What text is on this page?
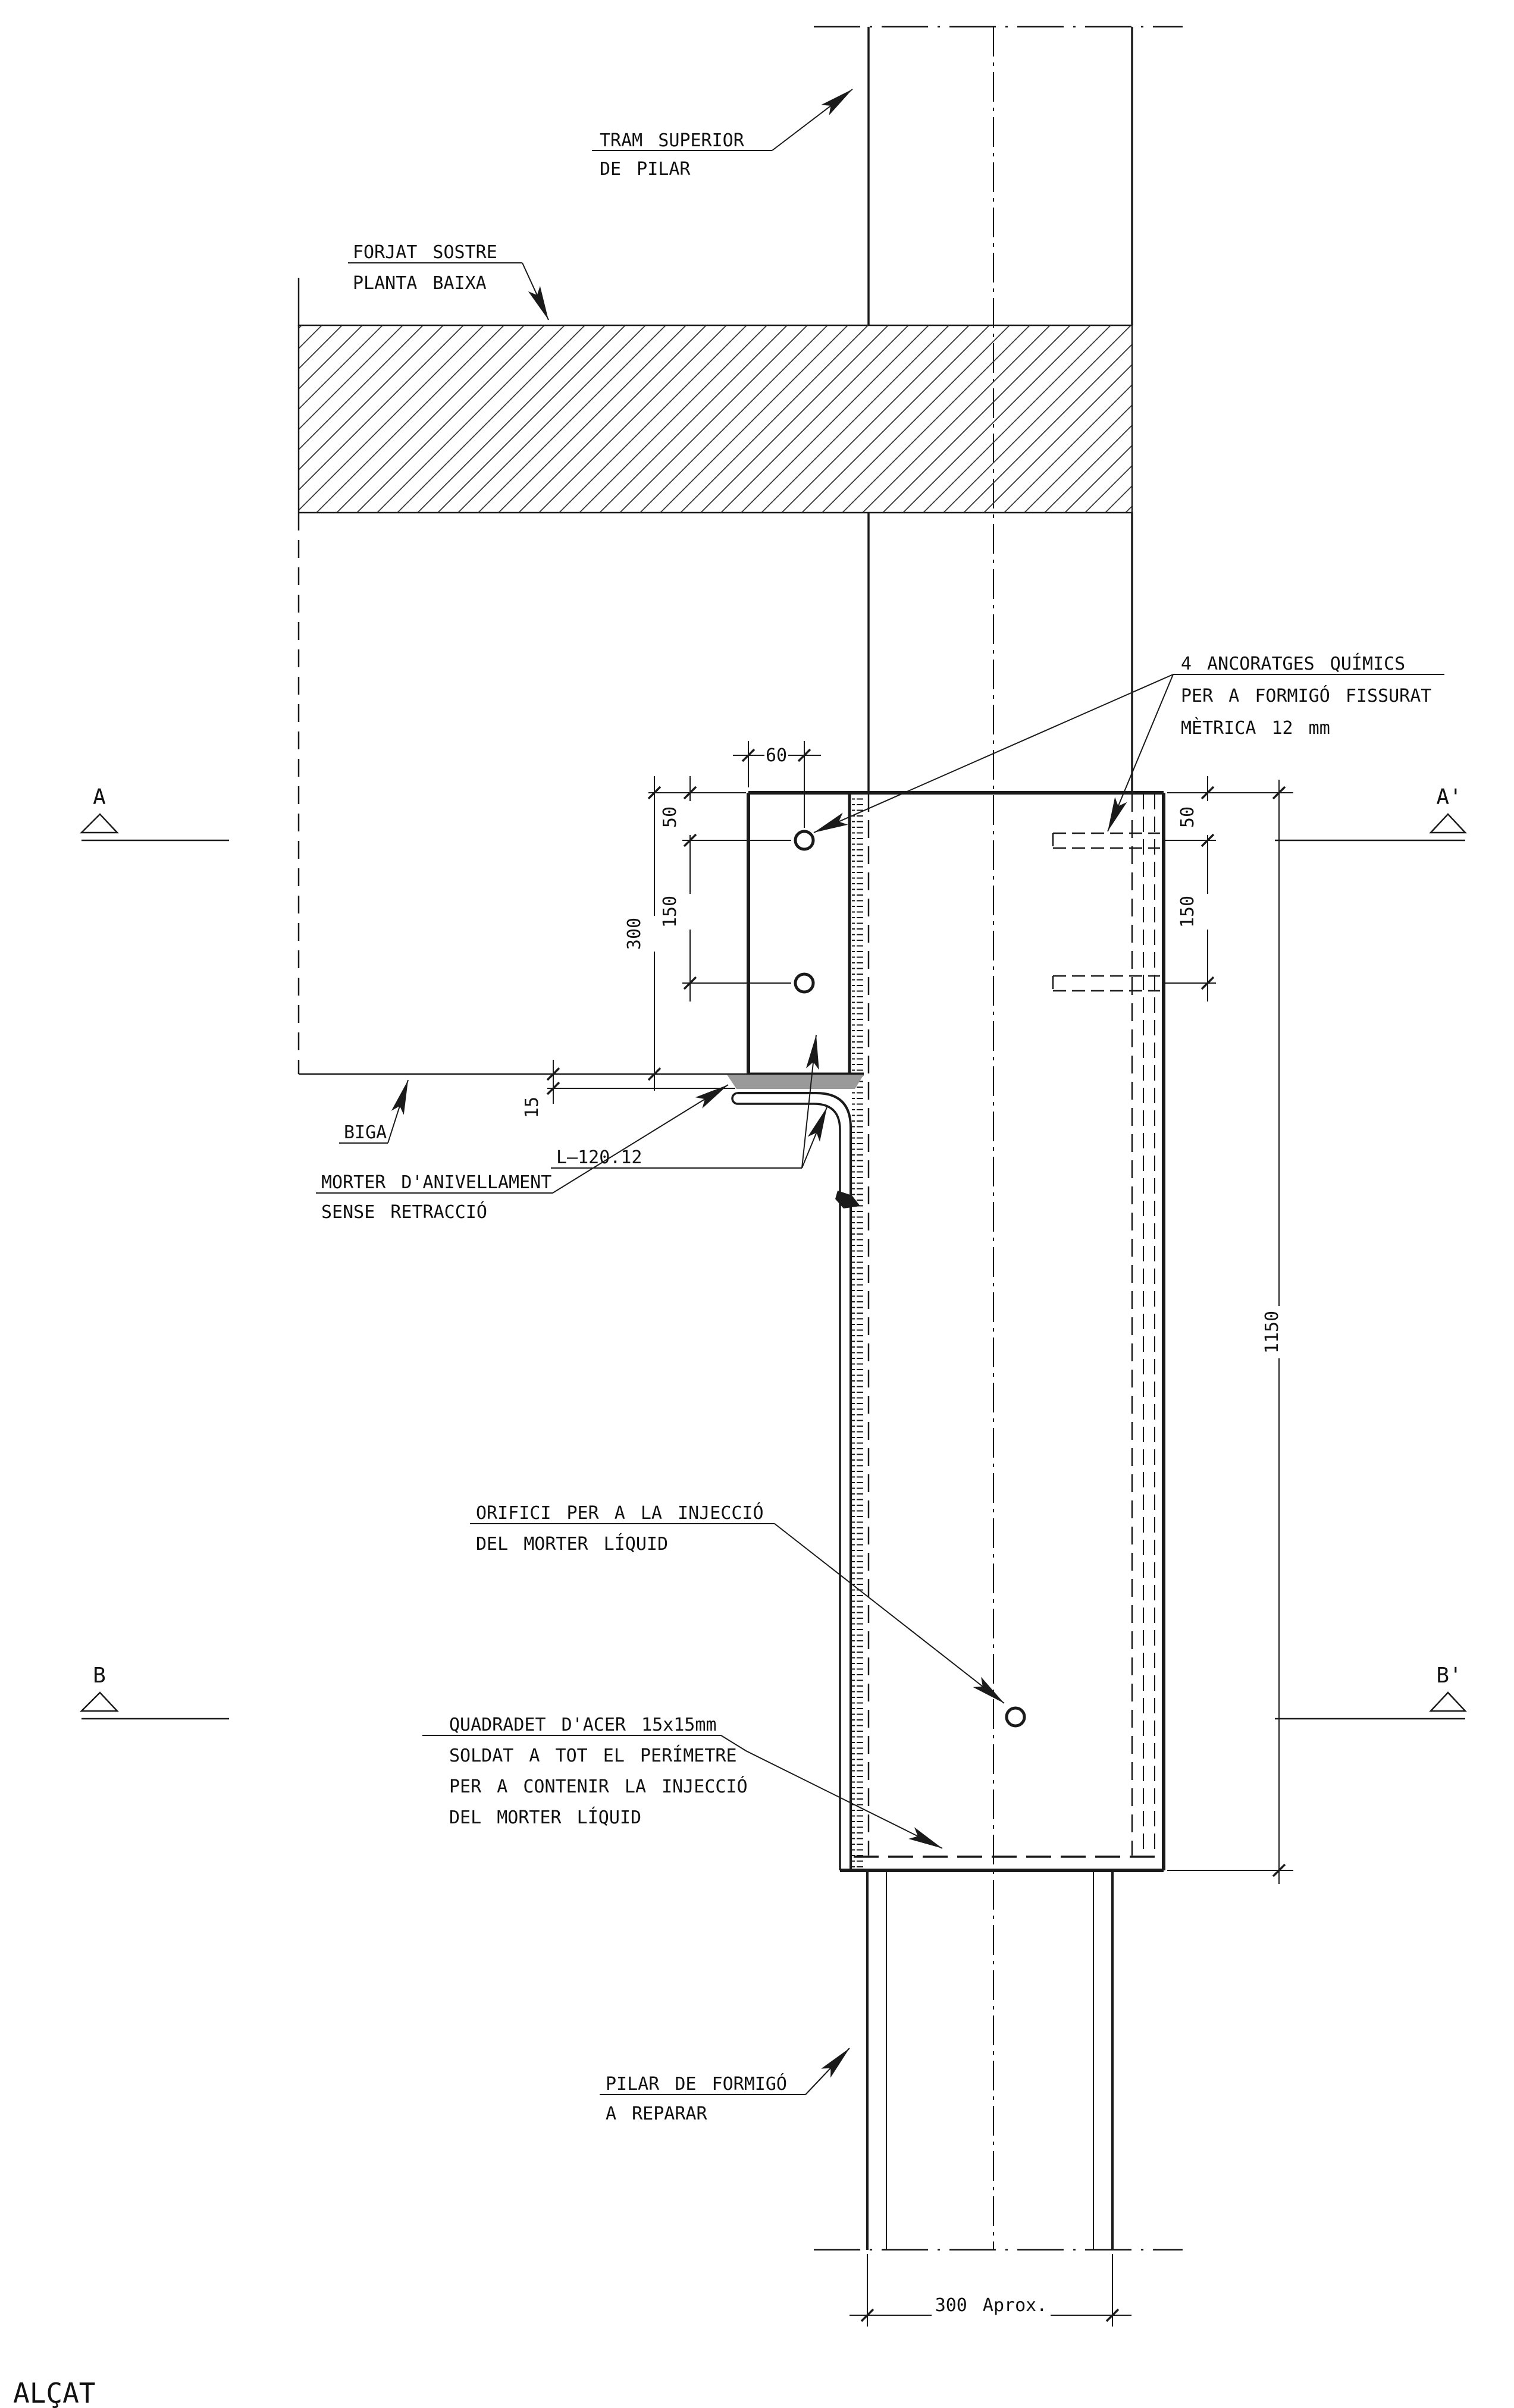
60
50
150
300
15
50
150
1150
300 Aprox.
A	A'
B	B'
TRAM SUPERIOR
DE PILAR
FORJAT SOSTRE
PLANTA BAIXA
4 ANCORATGES QUÍMICS
PER A FORMIGÓ FISSURAT
MÈTRICA 12 mm
BIGA
MORTER D'ANIVELLAMENT
SENSE RETRACCIÓ
L—120.12
ORIFICI PER A LA INJECCIÓ
DEL MORTER LÍQUID
QUADRADET D'ACER 15x15mm
SOLDAT A TOT EL PERÍMETRE
PER A CONTENIR LA INJECCIÓ
DEL MORTER LÍQUID
PILAR DE FORMIGÓ
A REPARAR
ALÇAT
